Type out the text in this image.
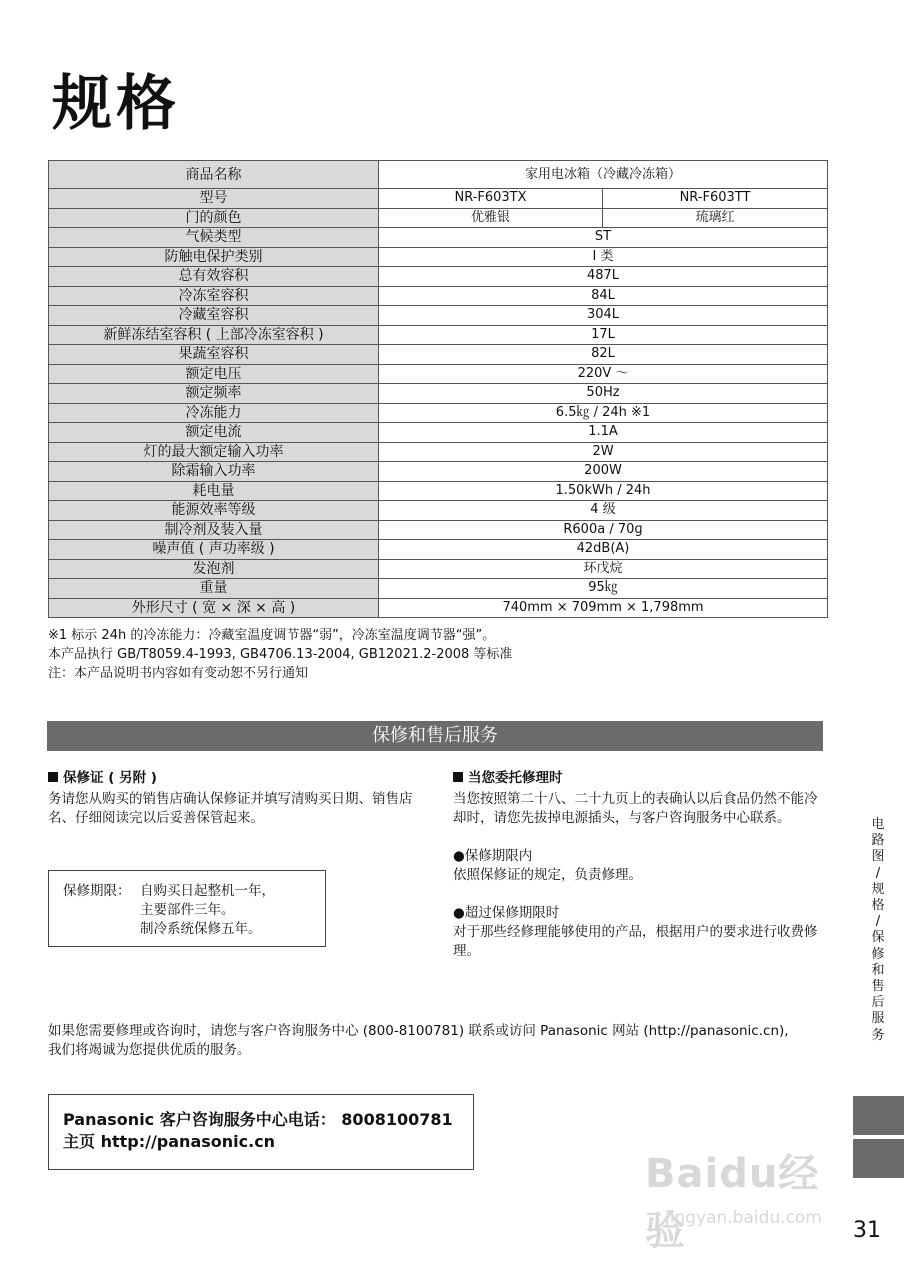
规格
商品名称	家用电冰箱（冷藏冷冻箱）	
型号	NR-F603TX	NR-F603TT
门的颜色	优雅银	琉璃红
气候类型	ST	
防触电保护类别	I 类	
总有效容积	487L	
冷冻室容积	84L	
冷藏室容积	304L	
新鲜冻结室容积 ( 上部冷冻室容积 )	17L	
果蔬室容积	82L	
额定电压	220V ～	
额定频率	50Hz	
冷冻能力	6.5㎏ / 24h ※1	
额定电流	1.1A	
灯的最大额定输入功率	2W	
除霜输入功率	200W	
耗电量	1.50kWh / 24h	
能源效率等级	4 级	
制冷剂及装入量	R600a / 70ɡ	
噪声值 ( 声功率级 )	42dB(A)	
发泡剂	环戊烷	
重量	95㎏	
外形尺寸 ( 宽 × 深 × 高 )	740mm × 709mm × 1,798mm	
※1 标示 24h 的冷冻能力：冷藏室温度调节器“弱”，冷冻室温度调节器“强”。
本产品执行 GB/T8059.4-1993, GB4706.13-2004, GB12021.2-2008 等标准
注：本产品说明书内容如有变动恕不另行通知
保修和售后服务
保修证 ( 另附 )
务请您从购买的销售店确认保修证并填写清购买日期、销售店名、仔细阅读完以后妥善保管起来。
保修期限： 自购买日起整机一年，
主要部件三年。
制冷系统保修五年。
当您委托修理时
当您按照第二十八、二十九页上的表确认以后食品仍然不能冷却时，请您先拔掉电源插头，与客户咨询服务中心联系。
●保修期限内
依照保修证的规定，负责修理。
●超过保修期限时
对于那些经修理能够使用的产品，根据用户的要求进行收费修理。
如果您需要修理或咨询时，请您与客户咨询服务中心 (800-8100781) 联系或访问 Panasonic 网站 (http://panasonic.cn),
我们将竭诚为您提供优质的服务。
Panasonic 客户咨询服务中心电话： 8008100781
主页 http://panasonic.cn
电
路
图
/
规
格
/
保
修
和
售
后
服
务
Baidu经验
jingyan.baidu.com 31
